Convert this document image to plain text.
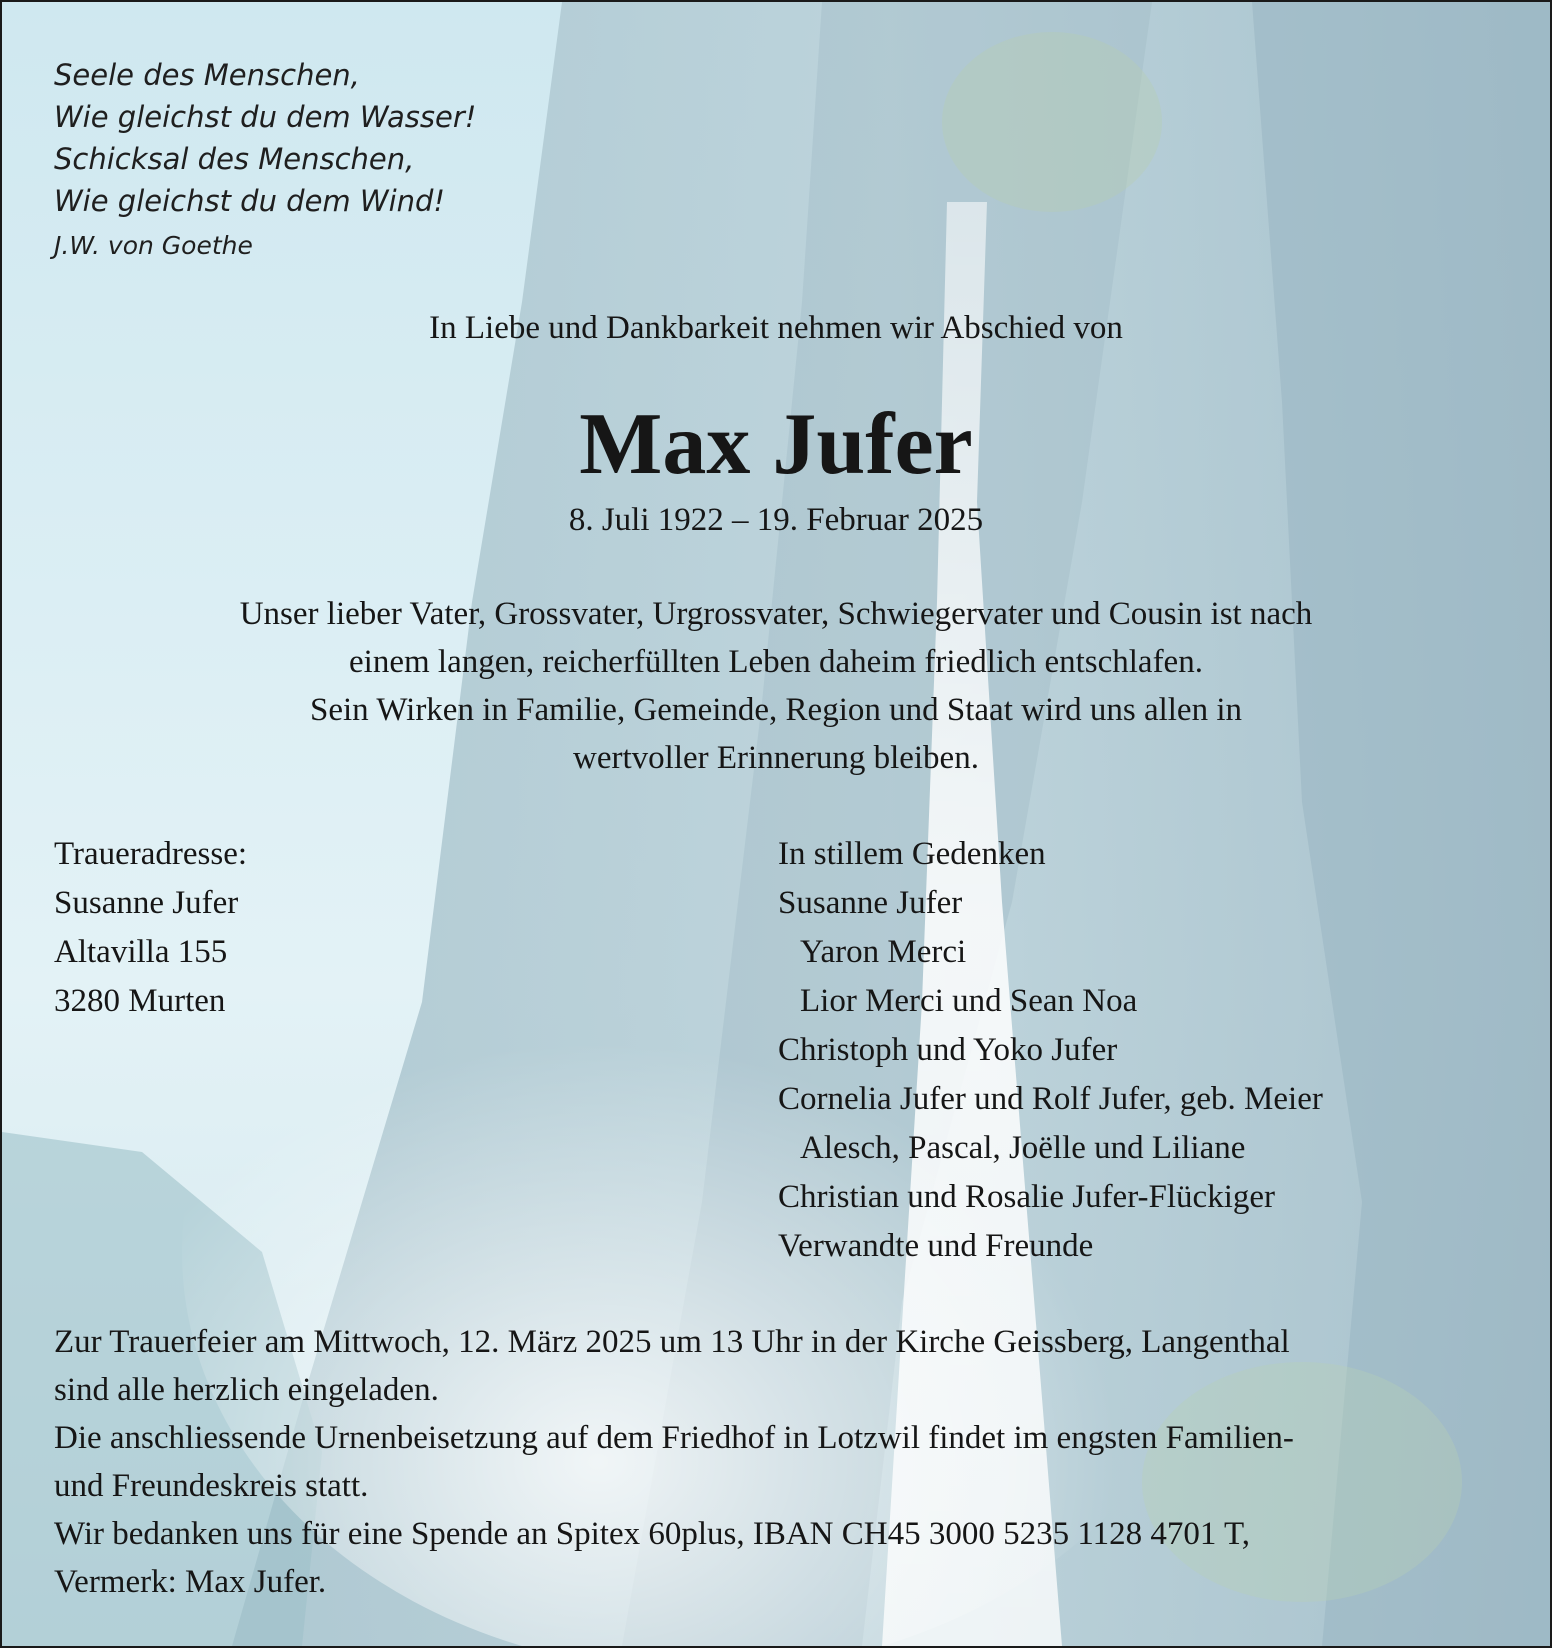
Seele des Menschen,
Wie gleichst du dem Wasser!
Schicksal des Menschen,
Wie gleichst du dem Wind!
J.W. von Goethe
In Liebe und Dankbarkeit nehmen wir Abschied von
Max Jufer
8. Juli 1922 – 19. Februar 2025
Unser lieber Vater, Grossvater, Urgrossvater, Schwiegervater und Cousin ist nach
einem langen, reicherfüllten Leben daheim friedlich entschlafen.
Sein Wirken in Familie, Gemeinde, Region und Staat wird uns allen in
wertvoller Erinnerung bleiben.
Traueradresse:
Susanne Jufer
Altavilla 155
3280 Murten
In stillem Gedenken
Susanne Jufer
Yaron Merci
Lior Merci und Sean Noa
Christoph und Yoko Jufer
Cornelia Jufer und Rolf Jufer, geb. Meier
Alesch, Pascal, Joëlle und Liliane
Christian und Rosalie Jufer-Flückiger
Verwandte und Freunde
Zur Trauerfeier am Mittwoch, 12. März 2025 um 13 Uhr in der Kirche Geissberg, Langenthal
sind alle herzlich eingeladen.
Die anschliessende Urnenbeisetzung auf dem Friedhof in Lotzwil findet im engsten Familien-
und Freundeskreis statt.
Wir bedanken uns für eine Spende an Spitex 60plus, IBAN CH45 3000 5235 1128 4701 T,
Vermerk: Max Jufer.
